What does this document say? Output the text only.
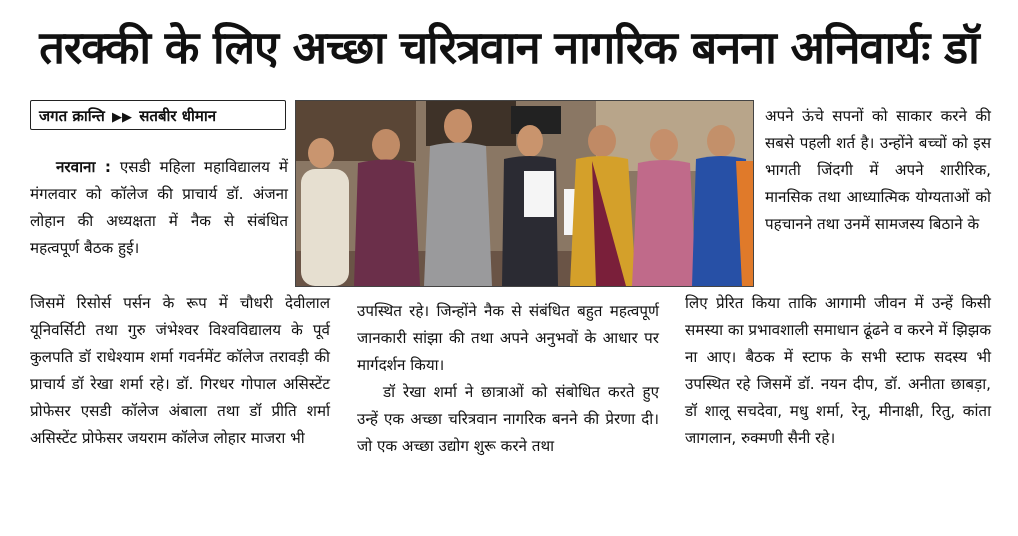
तरक्की के लिए अच्छा चरित्रवान नागरिक बनना अनिवार्यः डॉ
जगत क्रान्ति ▶▶ सतबीर धीमान

नरवाना : एसडी महिला महाविद्यालय में मंगलवार को कॉलेज की प्राचार्य डॉ. अंजना लोहान की अध्यक्षता में नैक से संबंधित महत्वपूर्ण बैठक हुई।

जिसमें रिसोर्स पर्सन के रूप में चौधरी देवीलाल यूनिवर्सिटी तथा गुरु जंभेश्वर विश्वविद्यालय के पूर्व कुलपति डॉ राधेश्याम शर्मा गवर्नमेंट कॉलेज तरावड़ी की प्राचार्य डॉ रेखा शर्मा रहे। डॉ. गिरधर गोपाल असिस्टेंट प्रोफेसर एसडी कॉलेज अंबाला तथा डॉ प्रीति शर्मा असिस्टेंट प्रोफेसर जयराम कॉलेज लोहार माजरा भी

उपस्थित रहे। जिन्होंने नैक से संबंधित बहुत महत्वपूर्ण जानकारी सांझा की तथा अपने अनुभवों के आधार पर मार्गदर्शन किया।

डॉ रेखा शर्मा ने छात्राओं को संबोधित करते हुए उन्हें एक अच्छा चरित्रवान नागरिक बनने की प्रेरणा दी। जो एक अच्छा उद्योग शुरू करने तथा

अपने ऊंचे सपनों को साकार करने की सबसे पहली शर्त है। उन्होंने बच्चों को इस भागती जिंदगी में अपने शारीरिक, मानसिक तथा आध्यात्मिक योग्यताओं को पहचानने तथा उनमें सामजस्य बिठाने के

लिए प्रेरित किया ताकि आगामी जीवन में उन्हें किसी समस्या का प्रभावशाली समाधान ढूंढने व करने में झिझक ना आए। बैठक में स्टाफ के सभी स्टाफ सदस्य भी उपस्थित रहे जिसमें डॉ. नयन दीप, डॉ. अनीता छाबड़ा, डॉ शालू सचदेवा, मधु शर्मा, रेनू, मीनाक्षी, रितु, कांता जागलान, रुक्मणी सैनी रहे।
